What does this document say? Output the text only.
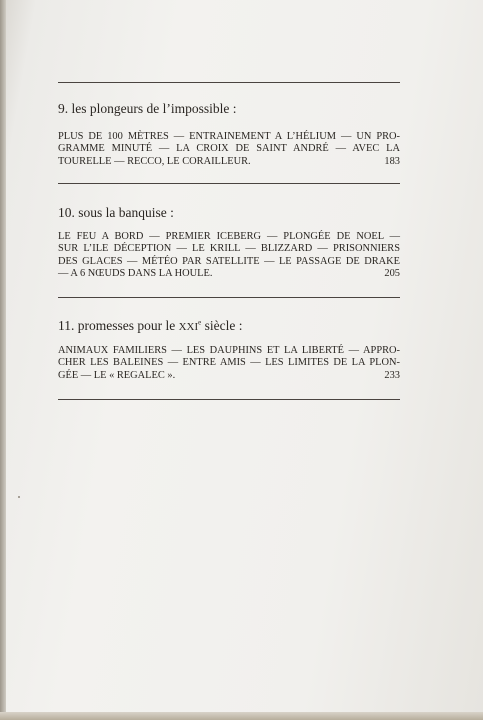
9. les plongeurs de l’impossible :
PLUS DE 100 MÈTRES — ENTRAINEMENT A L’HÉLIUM — UN PRO-
GRAMME MINUTÉ — LA CROIX DE SAINT ANDRÉ — AVEC LA
TOURELLE — RECCO, LE CORAILLEUR.	183
10. sous la banquise :
LE FEU A BORD — PREMIER ICEBERG — PLONGÉE DE NOEL —
SUR L’ILE DÉCEPTION — LE KRILL — BLIZZARD — PRISONNIERS
DES GLACES — MÉTÉO PAR SATELLITE — LE PASSAGE DE DRAKE
— A 6 NŒUDS DANS LA HOULE.	205
11. promesses pour le XXIe siècle :
ANIMAUX FAMILIERS — LES DAUPHINS ET LA LIBERTÉ — APPRO-
CHER LES BALEINES — ENTRE AMIS — LES LIMITES DE LA PLON-
GÉE — LE « REGALEC ».	233
